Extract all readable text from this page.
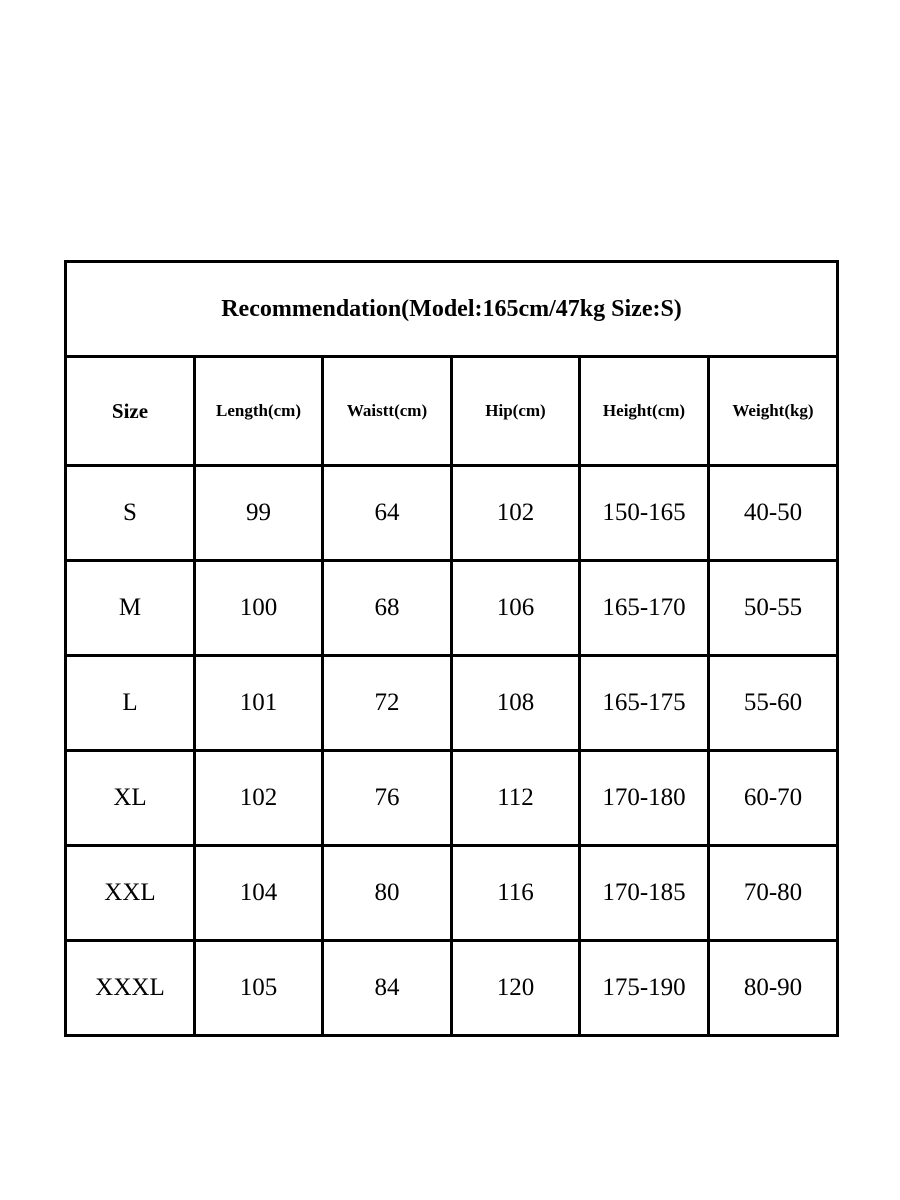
Recommendation(Model:165cm/47kg Size:S)					
Size	Length(cm)	Waistt(cm)	Hip(cm)	Height(cm)	Weight(kg)
S	99	64	102	150-165	40-50
M	100	68	106	165-170	50-55
L	101	72	108	165-175	55-60
XL	102	76	112	170-180	60-70
XXL	104	80	116	170-185	70-80
XXXL	105	84	120	175-190	80-90
